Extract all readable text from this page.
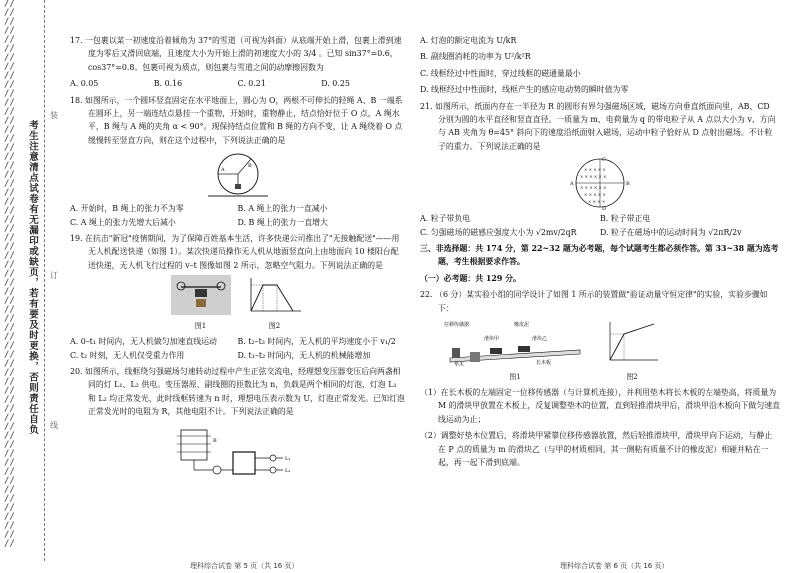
//
//
//
//
//
//
//
//
//
//
//
//
//
//
//
//
//
//
//
//
//
//
//
//
//
//
//
//
//
//
//
//
//
//
//
//
//
//
//
//
//
//
//
//
//
//
//
//
//
//
//
//
//
//
//
//
//
//
//
//
//
考生注意清点试卷有无漏印或缺页，若有要及时更换，否则责任自负
装
订
线

17. 一包裹以某一初速度沿着倾角为 37°的雪道（可视为斜面）从底端开始上滑，包裹上滑到速度为零后又滑回底端，且速度大小为开始上滑的初速度大小的 3/4 。已知 sin37°=0.6，cos37°=0.8。包裹可视为质点，则包裹与雪道之间的动摩擦因数为

A. 0.05	B. 0.16	C. 0.21	D. 0.25

18. 如图所示，一个圆环竖直固定在水平地面上，圆心为 O，两根不可伸长的轻绳 A、B 一端系在圆环上，另一端连结点悬挂一个重物，开始时，重物静止，结点恰好位于 O 点，A 绳水平，B 绳与 A 绳的夹角 α < 90°。现保持结点位置和 B 绳的方向不变，让 A 绳绕着 O 点缓慢转至竖直方向，则在这个过程中，下列说法正确的是

A
B
A. 开始时，B 绳上的张力不为零	B. A 绳上的张力一直减小
C. A 绳上的张力先增大后减小	D. B 绳上的张力一直增大

19. 在抗击"新冠"疫情期间，为了保障百姓基本生活，许多快递公司推出了"无接触配送"——用无人机配送快递（如图 1）。某次快递员操作无人机从地面竖直向上由地面向 10 楼阳台配送快递，无人机飞行过程的 v–t 图像如图 2 所示，忽略空气阻力。下列说法正确的是

图1	图2
A. 0–t₁ 时间内，无人机做匀加速直线运动	B. t₂–t₃ 时间内，无人机的平均速度小于 v₁/2
C. t₂ 时刻，无人机仅受重力作用	D. t₁–t₂ 时间内，无人机的机械能增加

20. 如图所示，线框绕匀强磁场匀速转动过程中产生正弦交流电，经理想变压器变压后向两盏相同的灯 L₁、L₂ 供电。变压器原、副线圈的匝数比为 n，负载是两个相同的灯泡，灯泡 L₁ 和 L₂ 均正常发光，此时线框转速为 n 时，理想电压表示数为 U，灯泡正常发光。已知灯泡正常发光时的电阻为 R，其他电阻不计。下列说法正确的是

L₁
L₂
B
理科综合试卷 第 5 页（共 16 页）

A. 灯泡的额定电流为 U/kR

B. 副线圈消耗的功率为 U²/k²R

C. 线框经过中性面时，穿过线框的磁通量最小

D. 线框经过中性面时，线框产生的感应电动势的瞬时值为零

21. 如图所示，纸面内存在一半径为 R 的圆形有界匀强磁场区域，磁场方向垂直纸面向里，AB、CD 分别为圆的水平直径和竖直直径。一质量为 m、电荷量为 q 的带电粒子从 A 点以大小为 v、方向与 AB 夹角为 θ=45° 斜向下的速度沿纸面射入磁场，运动中粒子恰好从 D 点射出磁场。不计粒子的重力。下列说法正确的是

× × × × ×
× × × × × ×
× × × × × ×
× × × × ×
× × × ×
A	B
C
D
A. 粒子带负电	B. 粒子带正电
C. 匀强磁场的磁感应强度大小为 √2mv/2qR	D. 粒子在磁场中的运动时间为 √2πR/2v

三、非选择题：共 174 分，第 22~32 题为必考题，每个试题考生都必须作答。第 33~38 题为选考题，考生根据要求作答。

（一）必考题：共 129 分。

22. （6 分）某实验小组的同学设计了如图 1 所示的装置做"验证动量守恒定律"的实验，实验步骤如下：

位移传感器	橡皮泥
滑块甲	滑块乙
垫木	长木板
图1	图2

（1）在长木板的左端固定一位移传感器（与计算机连接），并利用垫木将长木板的左端垫高，将质量为 M 的滑块甲放置在木板上，反复调整垫木的位置，直到轻推滑块甲后，滑块甲沿木板向下做匀速直线运动为止；

（2）调整好垫木位置后，将滑块甲紧靠位移传感器放置，然后轻推滑块甲，滑块甲向下运动，与静止在 P 点的质量为 m 的滑块乙（与甲的材质相同，其一侧粘有质量不计的橡皮泥）相碰并粘在一起，再一起下滑到底端。

理科综合试卷 第 6 页（共 16 页）
